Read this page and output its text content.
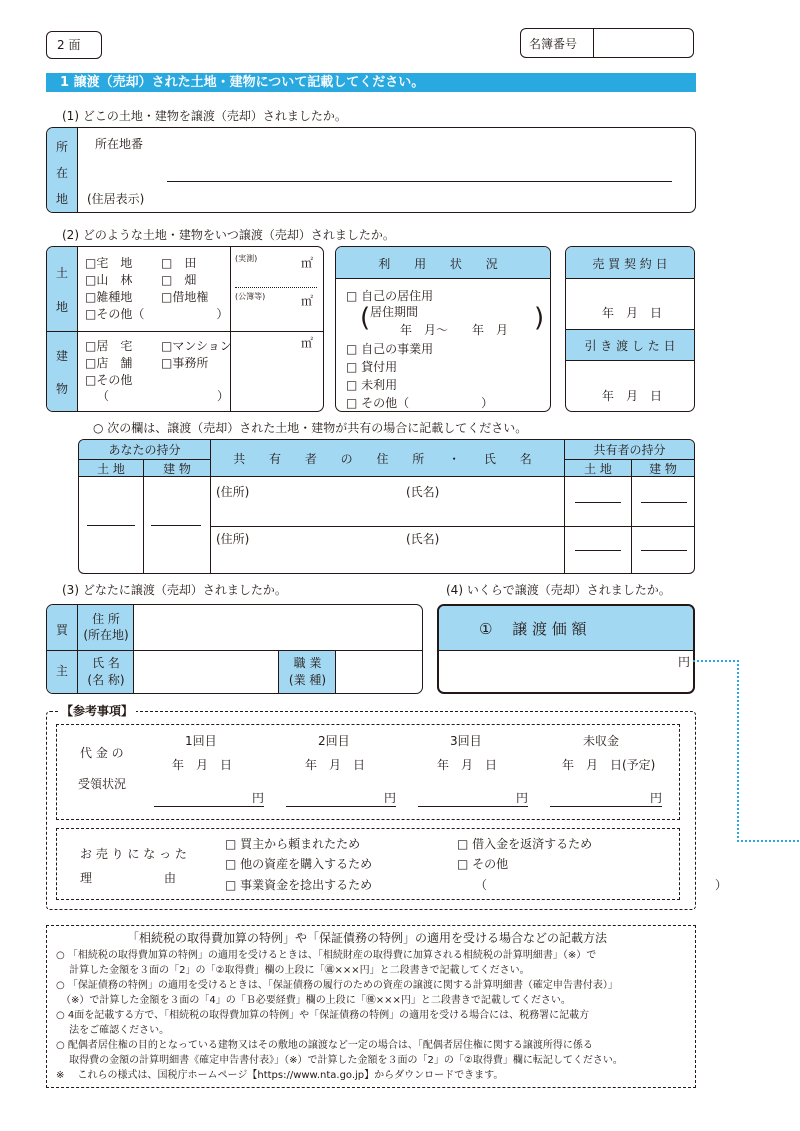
2 面	名簿番号
1 譲渡（売却）された土地・建物について記載してください。
(1) どこの土地・建物を譲渡（売却）されましたか。
所
在
地
所在地番
(住居表示)
(2) どのような土地・建物をいつ譲渡（売却）されましたか。
土
地
建
物
□宅　地 □　田
□山　林 □　畑
□雑種地 □借地権
□その他（　　　　　　）
(実測)	㎡
(公簿等)	㎡
□居　宅 □マンション
□店　舗 □事務所
□その他
（　　　　　　　　　）
㎡
利 用 状 況
□ 自己の居住用
居住期間
(	)
年　月〜　　年　月
□ 自己の事業用
□ 貸付用
□ 未利用
□ その他（　　　　　　）
売 買 契 約 日
年　月　日
引 き 渡 し た 日
年　月　日
○ 次の欄は、譲渡（売却）された土地・建物が共有の場合に記載してください。
あなたの持分
土 地	建 物
共 有 者 の 住 所 ・ 氏 名
共有者の持分
土 地	建 物
(住所)	(氏名)
(住所)	(氏名)
(3) どなたに譲渡（売却）されましたか。	(4) いくらで譲渡（売却）されましたか。
買
主
住 所
(所在地)
氏 名
(名 称)
職 業
(業 種)
① 　譲 渡 価 額
円
【参考事項】
代 金 の
受領状況
1回目	2回目	3回目	未収金
年　月　日	年　月　日	年　月　日	年　月　日(予定)
円	円	円	円
お 売 り に な っ た
理　　　　　　由
□ 買主から頼まれたため
□ 他の資産を購入するため
□ 事業資金を捻出するため
□ 借入金を返済するため
□ その他
（　　　　　　　　　　　　　　　　　　　）
「相続税の取得費加算の特例」や「保証債務の特例」の適用を受ける場合などの記載方法
○ 「相続税の取得費加算の特例」の適用を受けるときは、「相続財産の取得費に加算される相続税の計算明細書」（※）で
　 計算した金額を３面の「2」の「②取得費」欄の上段に「㊜×××円」と二段書きで記載してください。
○ 「保証債務の特例」の適用を受けるときは、「保証債務の履行のための資産の譲渡に関する計算明細書（確定申告書付表）」
　（※）で計算した金額を３面の「4」の「Ｂ必要経費」欄の上段に「㊝×××円」と二段書きで記載してください。
○ 4面を記載する方で、「相続税の取得費加算の特例」や「保証債務の特例」の適用を受ける場合には、税務署に記載方
　 法をご確認ください。
○ 配偶者居住権の目的となっている建物又はその敷地の譲渡など一定の場合は、「配偶者居住権に関する譲渡所得に係る
　 取得費の金額の計算明細書《確定申告書付表》」（※）で計算した金額を３面の「2」の「②取得費」欄に転記してください。
※ 　これらの様式は、国税庁ホームページ【https://www.nta.go.jp】からダウンロードできます。
